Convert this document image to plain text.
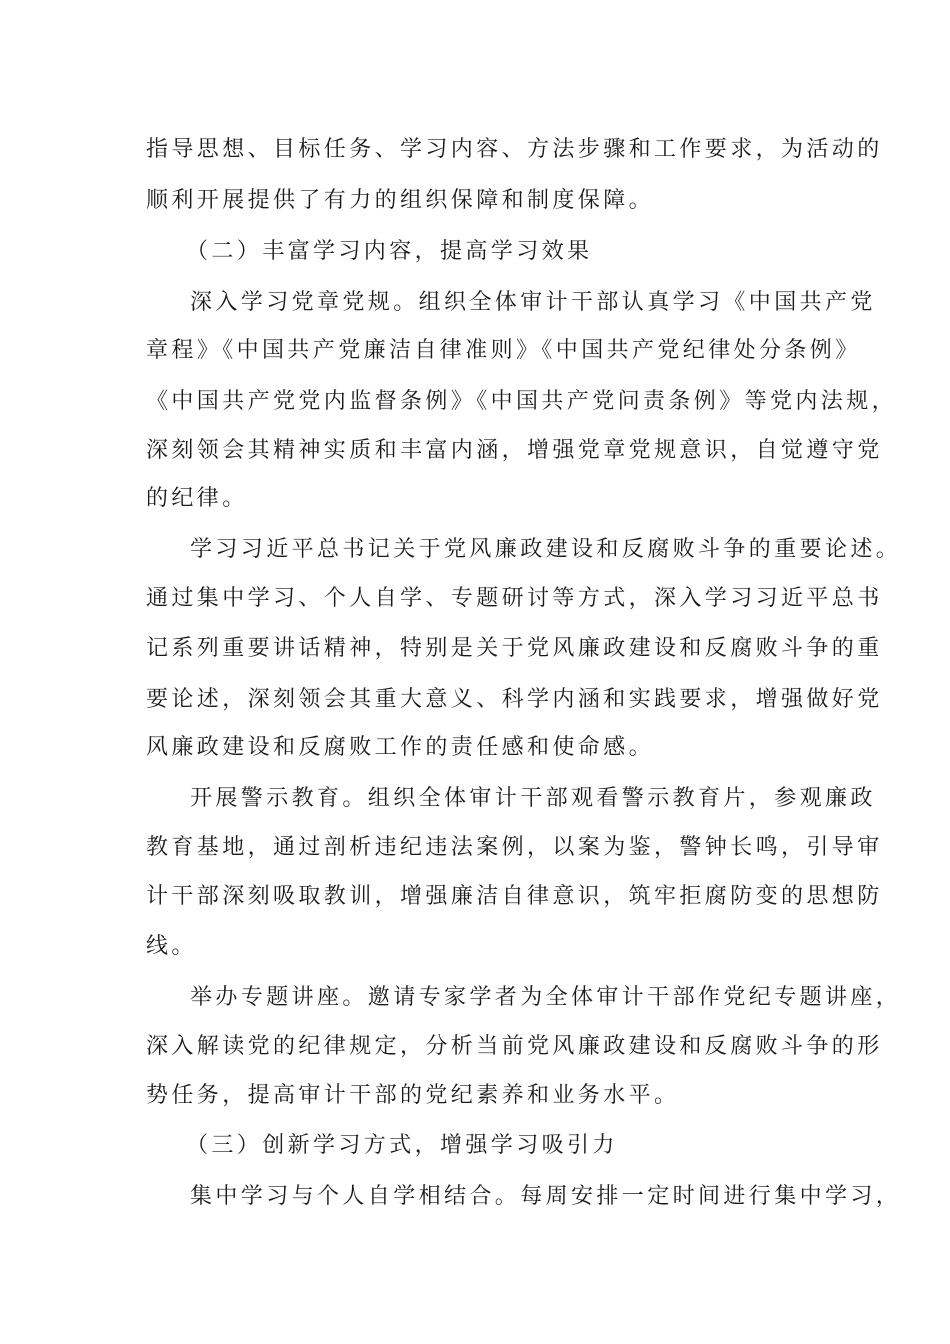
指导思想、目标任务、学习内容、方法步骤和工作要求，为活动的
顺利开展提供了有力的组织保障和制度保障。
（二）丰富学习内容，提高学习效果
深入学习党章党规。组织全体审计干部认真学习《中国共产党
章程》《中国共产党廉洁自律准则》《中国共产党纪律处分条例》
《中国共产党党内监督条例》《中国共产党问责条例》等党内法规，
深刻领会其精神实质和丰富内涵，增强党章党规意识，自觉遵守党
的纪律。
学习习近平总书记关于党风廉政建设和反腐败斗争的重要论述。
通过集中学习、个人自学、专题研讨等方式，深入学习习近平总书
记系列重要讲话精神，特别是关于党风廉政建设和反腐败斗争的重
要论述，深刻领会其重大意义、科学内涵和实践要求，增强做好党
风廉政建设和反腐败工作的责任感和使命感。
开展警示教育。组织全体审计干部观看警示教育片，参观廉政
教育基地，通过剖析违纪违法案例，以案为鉴，警钟长鸣，引导审
计干部深刻吸取教训，增强廉洁自律意识，筑牢拒腐防变的思想防
线。
举办专题讲座。邀请专家学者为全体审计干部作党纪专题讲座，
深入解读党的纪律规定，分析当前党风廉政建设和反腐败斗争的形
势任务，提高审计干部的党纪素养和业务水平。
（三）创新学习方式，增强学习吸引力
集中学习与个人自学相结合。每周安排一定时间进行集中学习，
